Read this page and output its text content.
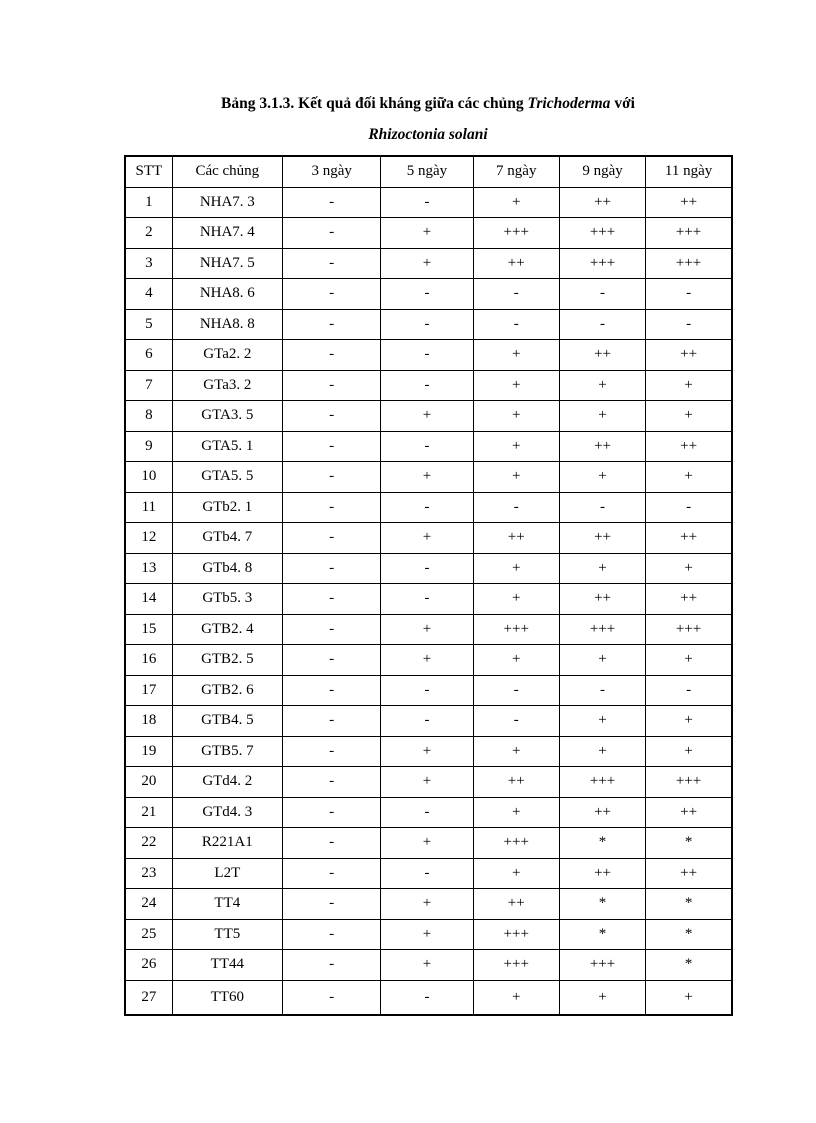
Bảng 3.1.3. Kết quả đối kháng giữa các chủng Trichoderma với
Rhizoctonia solani
STT	Các chủng	3 ngày	5 ngày	7 ngày	9 ngày	11 ngày
1	NHA7. 3	-	-	+	++	++
2	NHA7. 4	-	+	+++	+++	+++
3	NHA7. 5	-	+	++	+++	+++
4	NHA8. 6	-	-	-	-	-
5	NHA8. 8	-	-	-	-	-
6	GTa2. 2	-	-	+	++	++
7	GTa3. 2	-	-	+	+	+
8	GTA3. 5	-	+	+	+	+
9	GTA5. 1	-	-	+	++	++
10	GTA5. 5	-	+	+	+	+
11	GTb2. 1	-	-	-	-	-
12	GTb4. 7	-	+	++	++	++
13	GTb4. 8	-	-	+	+	+
14	GTb5. 3	-	-	+	++	++
15	GTB2. 4	-	+	+++	+++	+++
16	GTB2. 5	-	+	+	+	+
17	GTB2. 6	-	-	-	-	-
18	GTB4. 5	-	-	-	+	+
19	GTB5. 7	-	+	+	+	+
20	GTd4. 2	-	+	++	+++	+++
21	GTd4. 3	-	-	+	++	++
22	R221A1	-	+	+++	*	*
23	L2T	-	-	+	++	++
24	TT4	-	+	++	*	*
25	TT5	-	+	+++	*	*
26	TT44	-	+	+++	+++	*
27	TT60	-	-	+	+	+
